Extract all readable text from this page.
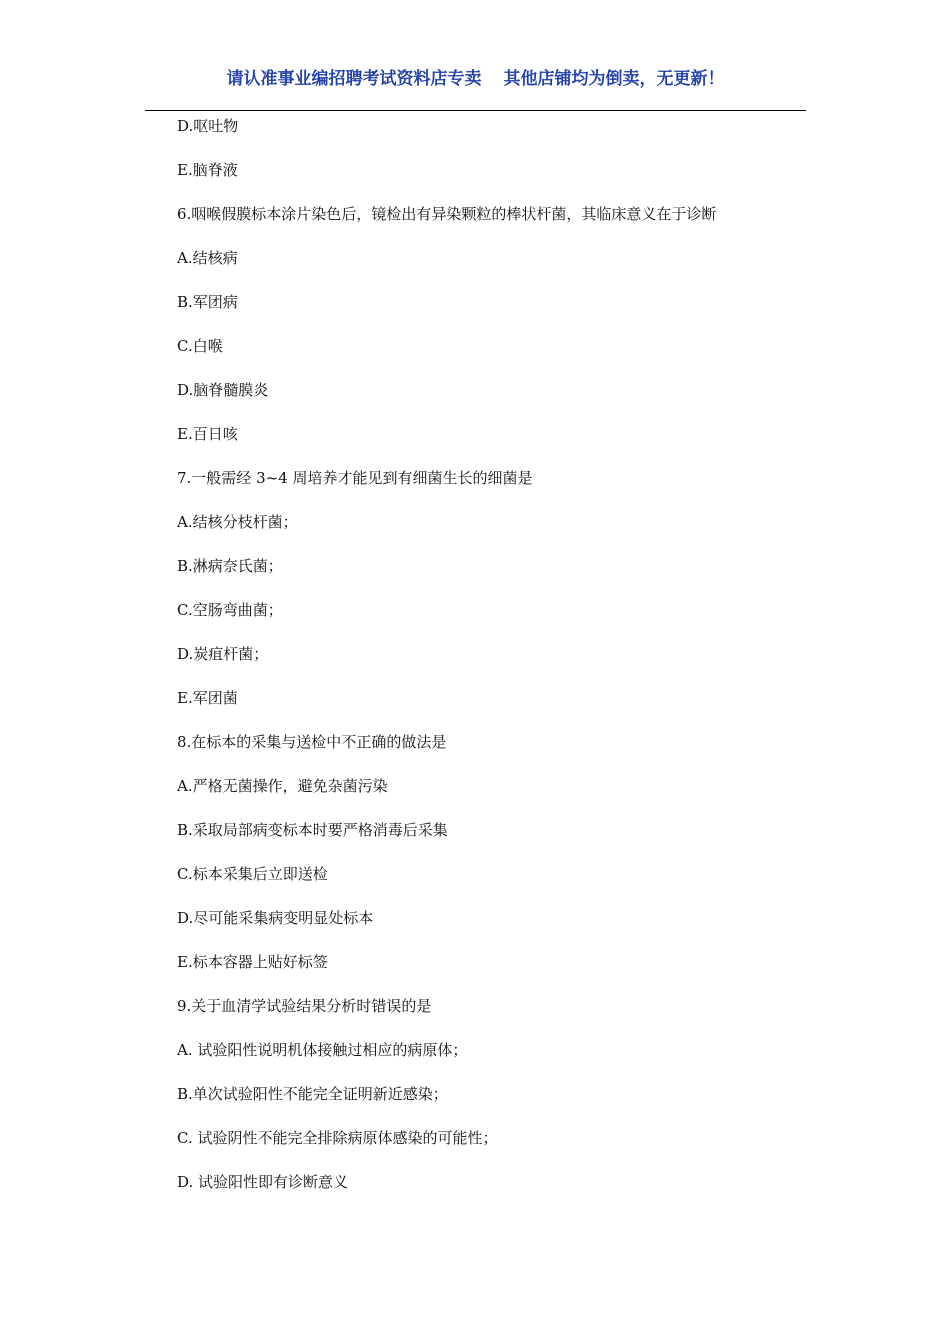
请认准事业编招聘考试资料店专卖 其他店铺均为倒卖，无更新！
D.呕吐物
E.脑脊液
6.咽喉假膜标本涂片染色后，镜检出有异染颗粒的棒状杆菌，其临床意义在于诊断
A.结核病
B.军团病
C.白喉
D.脑脊髓膜炎
E.百日咳
7.一般需经 3~4 周培养才能见到有细菌生长的细菌是
A.结核分枝杆菌；
B.淋病奈氏菌；
C.空肠弯曲菌；
D.炭疽杆菌；
E.军团菌
8.在标本的采集与送检中不正确的做法是
A.严格无菌操作，避免杂菌污染
B.采取局部病变标本时要严格消毒后采集
C.标本采集后立即送检
D.尽可能采集病变明显处标本
E.标本容器上贴好标签
9.关于血清学试验结果分析时错误的是
A. 试验阳性说明机体接触过相应的病原体；
B.单次试验阳性不能完全证明新近感染；
C. 试验阴性不能完全排除病原体感染的可能性；
D. 试验阳性即有诊断意义
